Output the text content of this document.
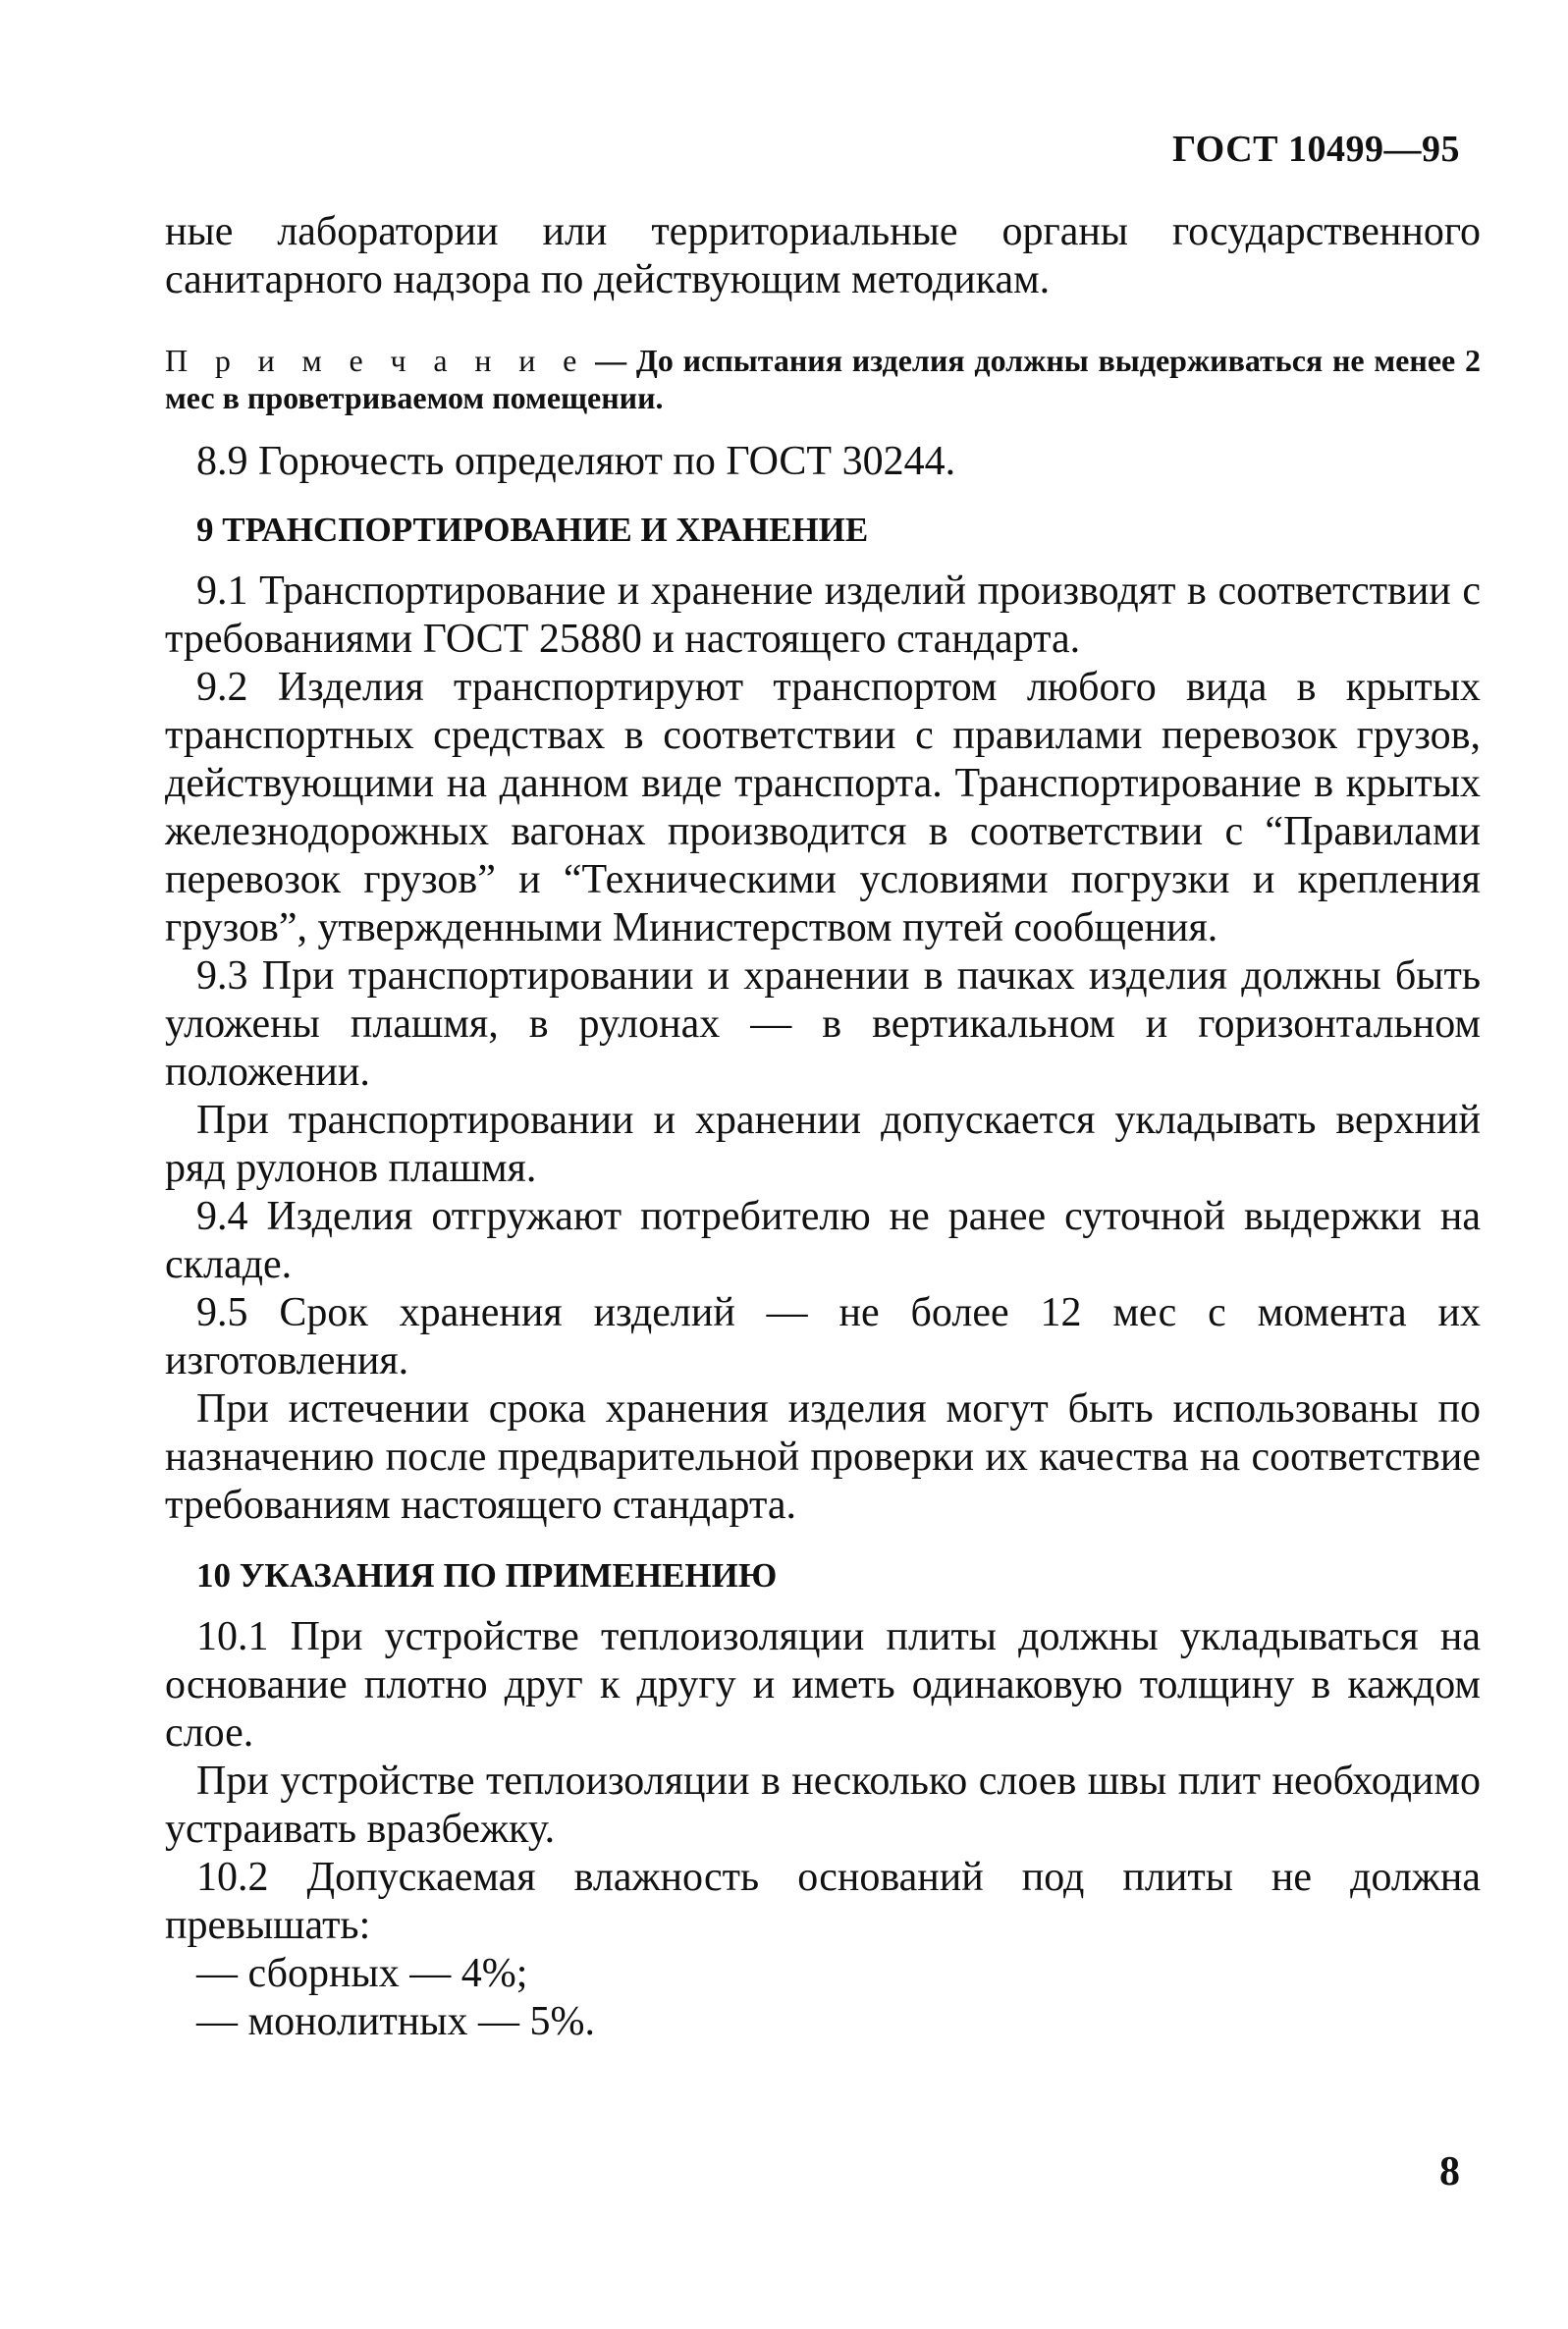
ГОСТ 10499—95

ные лаборатории или территориальные органы государственного санитарного надзора по действующим методикам.

П р и м е ч а н и е — До испытания изделия должны выдерживаться не менее 2 мес в проветриваемом помещении.

8.9 Горючесть определяют по ГОСТ 30244.

9 ТРАНСПОРТИРОВАНИЕ И ХРАНЕНИЕ

9.1 Транспортирование и хранение изделий производят в соответствии с требованиями ГОСТ 25880 и настоящего стандарта.

9.2 Изделия транспортируют транспортом любого вида в крытых транспортных средствах в соответствии с правилами перевозок грузов, действующими на данном виде транспорта. Транспортирование в крытых железнодорожных вагонах производится в соответствии с “Правилами перевозок грузов” и “Техническими условиями погрузки и крепления грузов”, утвержденными Министерством путей сообщения.

9.3 При транспортировании и хранении в пачках изделия должны быть уложены плашмя, в рулонах — в вертикальном и горизонтальном положении.

При транспортировании и хранении допускается укладывать верхний ряд рулонов плашмя.

9.4 Изделия отгружают потребителю не ранее суточной выдержки на складе.

9.5 Срок хранения изделий — не более 12 мес с момента их изготовления.

При истечении срока хранения изделия могут быть использованы по назначению после предварительной проверки их качества на соответствие требованиям настоящего стандарта.

10 УКАЗАНИЯ ПО ПРИМЕНЕНИЮ

10.1 При устройстве теплоизоляции плиты должны укладываться на основание плотно друг к другу и иметь одинаковую толщину в каждом слое.

При устройстве теплоизоляции в несколько слоев швы плит необходимо устраивать вразбежку.

10.2 Допускаемая влажность оснований под плиты не должна превышать:

— сборных — 4%;

— монолитных — 5%.

8
